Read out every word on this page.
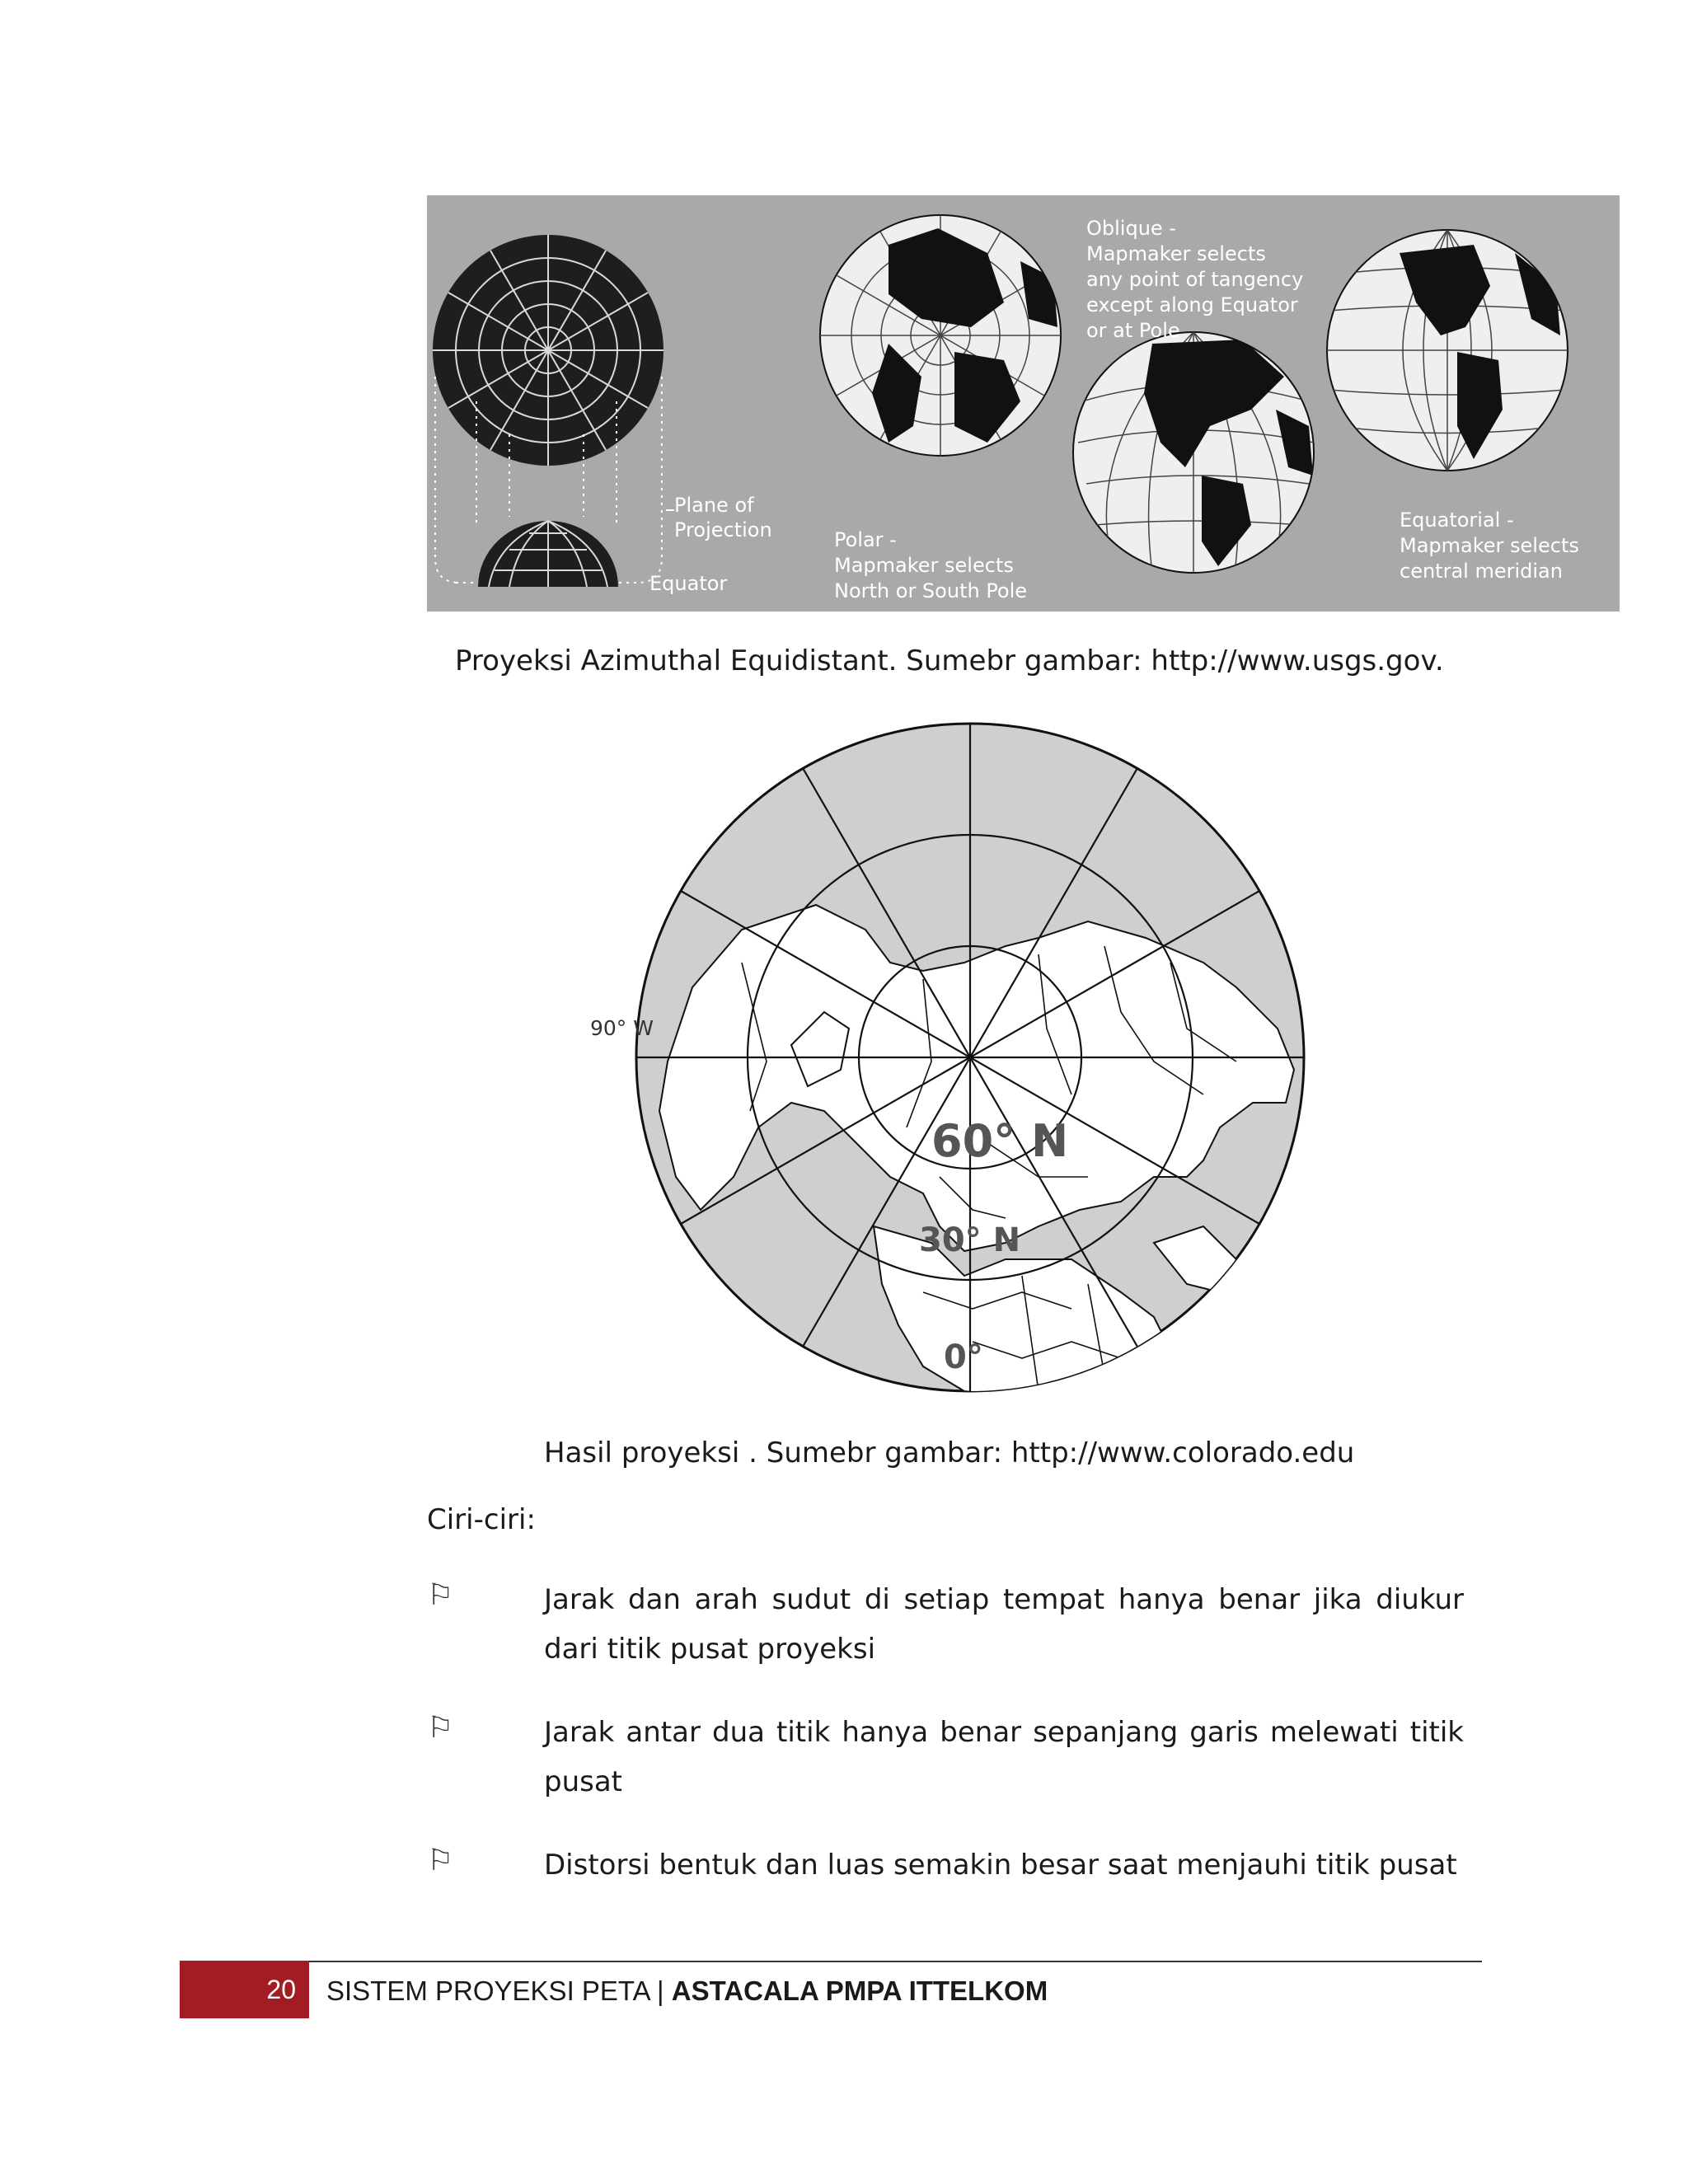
Plane of
Projection
Equator
Polar -
Mapmaker selects
North or South Pole
Oblique -
Mapmaker selects
any point of tangency
except along Equator
or at Pole
Equatorial -
Mapmaker selects
central meridian
Proyeksi Azimuthal Equidistant. Sumebr gambar: http://www.usgs.gov.
60° N
30° N
0°
90° W
Hasil proyeksi . Sumebr gambar: http://www.colorado.edu
Ciri-ciri:
⚐	Jarak dan arah sudut di setiap tempat hanya benar jika diukur dari titik pusat proyeksi
⚐	Jarak antar dua titik hanya benar sepanjang garis melewati titik pusat
⚐	Distorsi bentuk dan luas semakin besar saat menjauhi titik pusat
20 SISTEM PROYEKSI PETA | ASTACALA PMPA ITTELKOM
